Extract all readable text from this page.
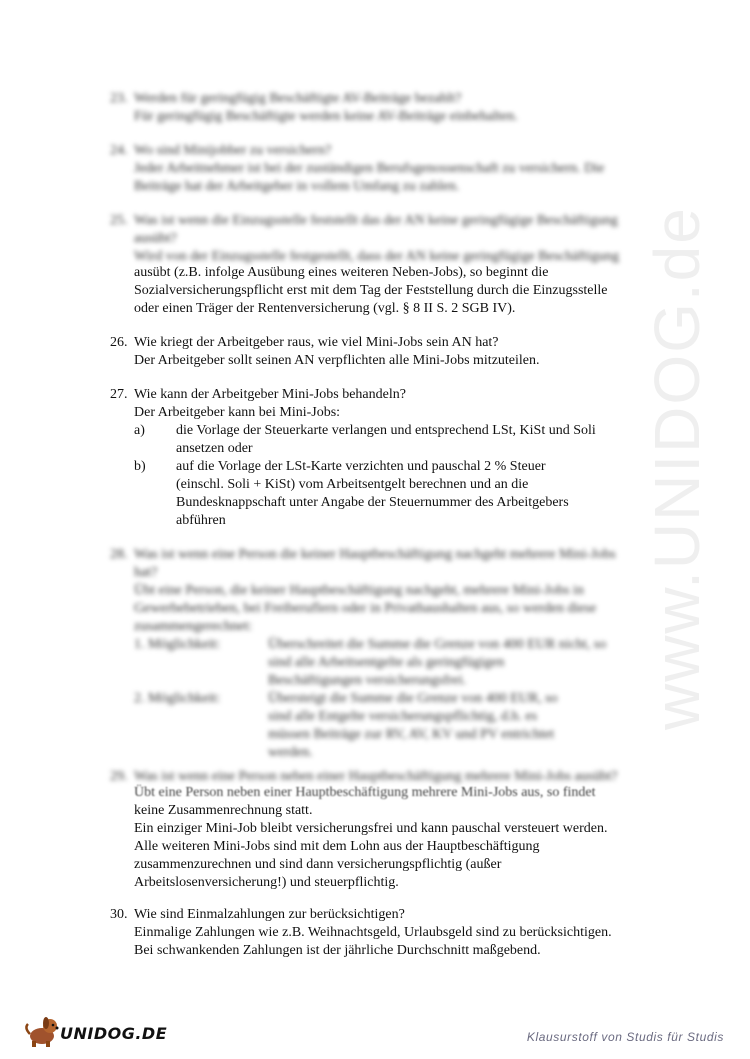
www.UNIDOG.de
23. Werden für geringfügig Beschäftigte AV-Beiträge bezahlt?
Für geringfügig Beschäftigte werden keine AV-Beiträge einbehalten.
24. Wo sind Minijobber zu versichern?
Jeder Arbeitnehmer ist bei der zuständigen Berufsgenossenschaft zu versichern. Die
Beiträge hat der Arbeitgeber in vollem Umfang zu zahlen.
25. Was ist wenn die Einzugsstelle feststellt das der AN keine geringfügige Beschäftigung
ausübt?
Wird von der Einzugsstelle festgestellt, dass der AN keine geringfügige Beschäftigung
ausübt (z.B. infolge Ausübung eines weiteren Neben-Jobs), so beginnt die
Sozialversicherungspflicht erst mit dem Tag der Feststellung durch die Einzugsstelle
oder einen Träger der Rentenversicherung (vgl. § 8 II S. 2 SGB IV).
26. Wie kriegt der Arbeitgeber raus, wie viel Mini-Jobs sein AN hat?
Der Arbeitgeber sollt seinen AN verpflichten alle Mini-Jobs mitzuteilen.
27. Wie kann der Arbeitgeber Mini-Jobs behandeln?
Der Arbeitgeber kann bei Mini-Jobs:
a) die Vorlage der Steuerkarte verlangen und entsprechend LSt, KiSt und Soli
ansetzen oder
b) auf die Vorlage der LSt-Karte verzichten und pauschal 2 % Steuer
(einschl. Soli + KiSt) vom Arbeitsentgelt berechnen und an die
Bundesknappschaft unter Angabe der Steuernummer des Arbeitgebers
abführen
28. Was ist wenn eine Person die keiner Hauptbeschäftigung nachgeht mehrere Mini-Jobs
hat?
Übt eine Person, die keiner Hauptbeschäftigung nachgeht, mehrere Mini-Jobs in
Gewerbebetrieben, bei Freiberuflern oder in Privathaushalten aus, so werden diese
zusammengerechnet:
1. Möglichkeit:	Überschreitet die Summe die Grenze von 400 EUR nicht, so
sind alle Arbeitsentgelte als geringfügigen
Beschäftigungen versicherungsfrei.
2. Möglichkeit:	Übersteigt die Summe die Grenze von 400 EUR, so
sind alle Entgelte versicherungspflichtig, d.h. es
müssen Beiträge zur RV, AV, KV und PV entrichtet
werden.
29. Was ist wenn eine Person neben einer Hauptbeschäftigung mehrere Mini-Jobs ausübt?
Übt eine Person neben einer Hauptbeschäftigung mehrere Mini-Jobs aus, so findet
keine Zusammenrechnung statt.
Ein einziger Mini-Job bleibt versicherungsfrei und kann pauschal versteuert werden.
Alle weiteren Mini-Jobs sind mit dem Lohn aus der Hauptbeschäftigung
zusammenzurechnen und sind dann versicherungspflichtig (außer
Arbeitslosenversicherung!) und steuerpflichtig.
30. Wie sind Einmalzahlungen zur berücksichtigen?
Einmalige Zahlungen wie z.B. Weihnachtsgeld, Urlaubsgeld sind zu berücksichtigen.
Bei schwankenden Zahlungen ist der jährliche Durchschnitt maßgebend.
UNIDOG.DE	Klausurstoff von Studis für Studis
